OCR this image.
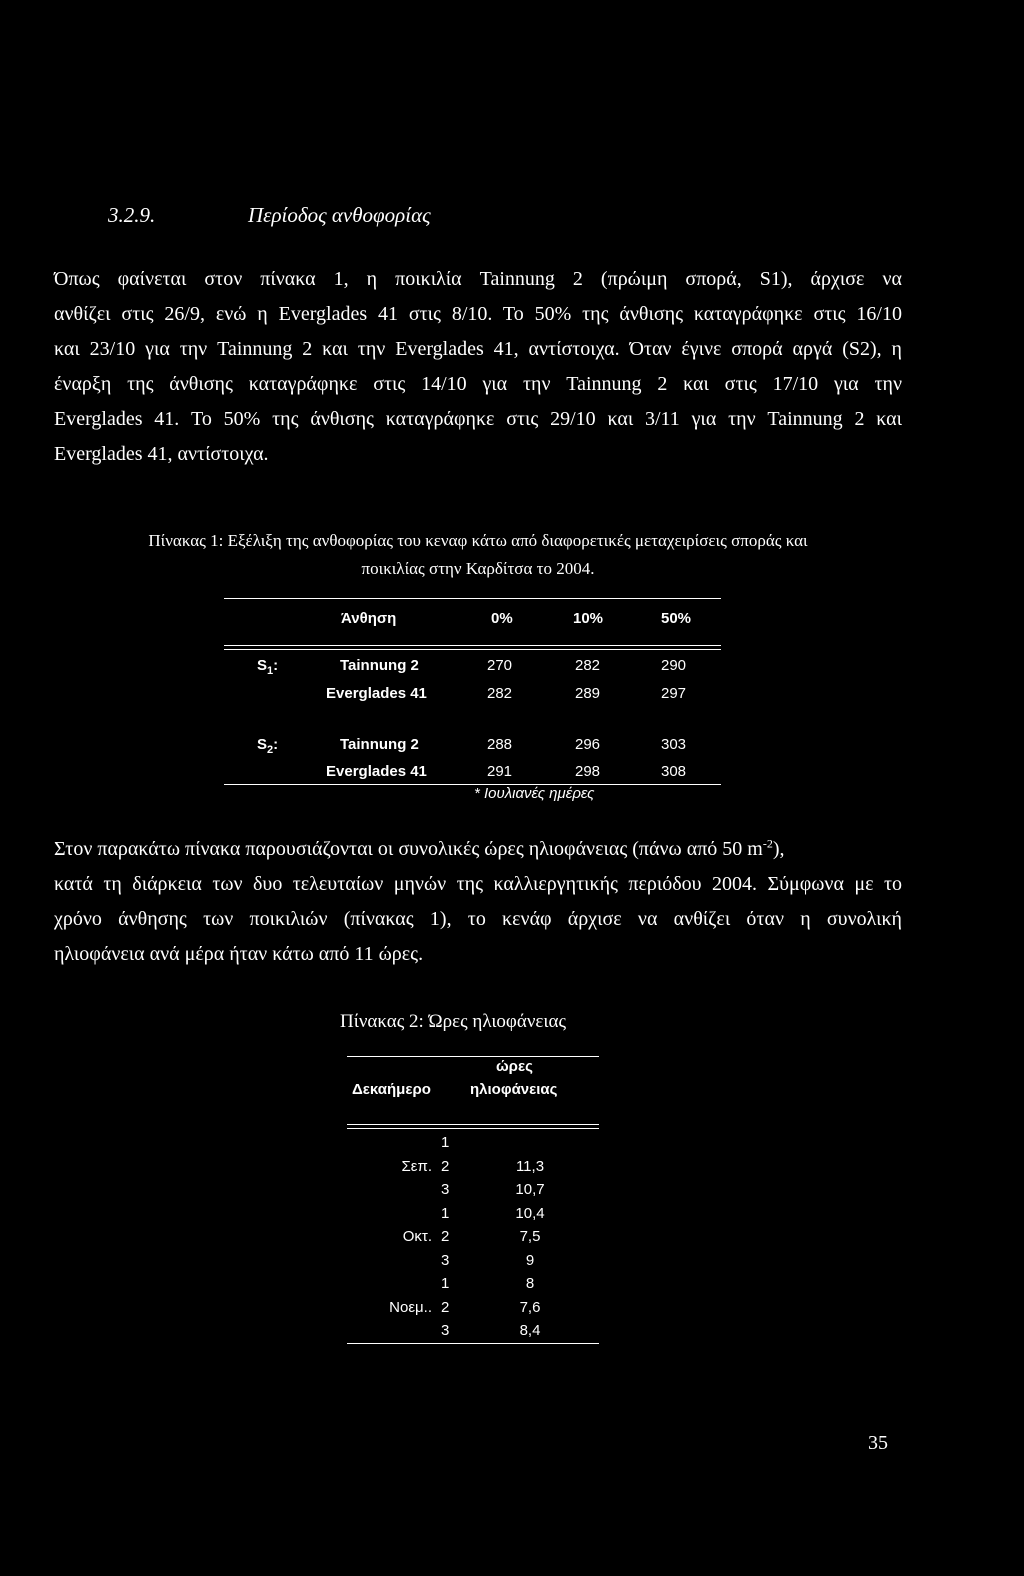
3.2.9.	Περίοδος ανθοφορίας
Όπως φαίνεται στον πίνακα 1, η ποικιλία Tainnung 2 (πρώιμη σπορά, S1), άρχισε να
ανθίζει στις 26/9, ενώ η Everglades 41 στις 8/10. Το 50% της άνθισης καταγράφηκε στις 16/10
και 23/10 για την Tainnung 2 και την Everglades 41, αντίστοιχα. Όταν έγινε σπορά αργά (S2), η
έναρξη της άνθισης καταγράφηκε στις 14/10 για την Tainnung 2 και στις 17/10 για την
Everglades 41. Το 50% της άνθισης καταγράφηκε στις 29/10 και 3/11 για την Tainnung 2 και
Everglades 41, αντίστοιχα.
Πίνακας 1: Εξέλιξη της ανθοφορίας του κεναφ κάτω από διαφορετικές μεταχειρίσεις σποράς και
ποικιλίας στην Καρδίτσα το 2004.
Άνθηση	0%	10%	50%
$S_1$:	Tainnung 2	270	282	290
Everglades 41	282	289	297
$S_2$:	Tainnung 2	288	296	303
Everglades 41	291	298	308
* Ιουλιανές ημέρες
Στον παρακάτω πίνακα παρουσιάζονται οι συνολικές ώρες ηλιοφάνειας (πάνω από 50 $m^{-2}$),
κατά τη διάρκεια των δυο τελευταίων μηνών της καλλιεργητικής περιόδου 2004. Σύμφωνα με το
χρόνο άνθησης των ποικιλιών (πίνακας 1), το κενάφ άρχισε να ανθίζει όταν η συνολική
ηλιοφάνεια ανά μέρα ήταν κάτω από 11 ώρες.
Πίνακας 2: Ώρες ηλιοφάνειας
ώρες
Δεκαήμερο	ηλιοφάνειας
1
Σεπ. 2	11,3
3	10,7
1	10,4
Οκτ. 2	7,5
3	9
1	8
Νοεμ.. 2	7,6
3	8,4
35
